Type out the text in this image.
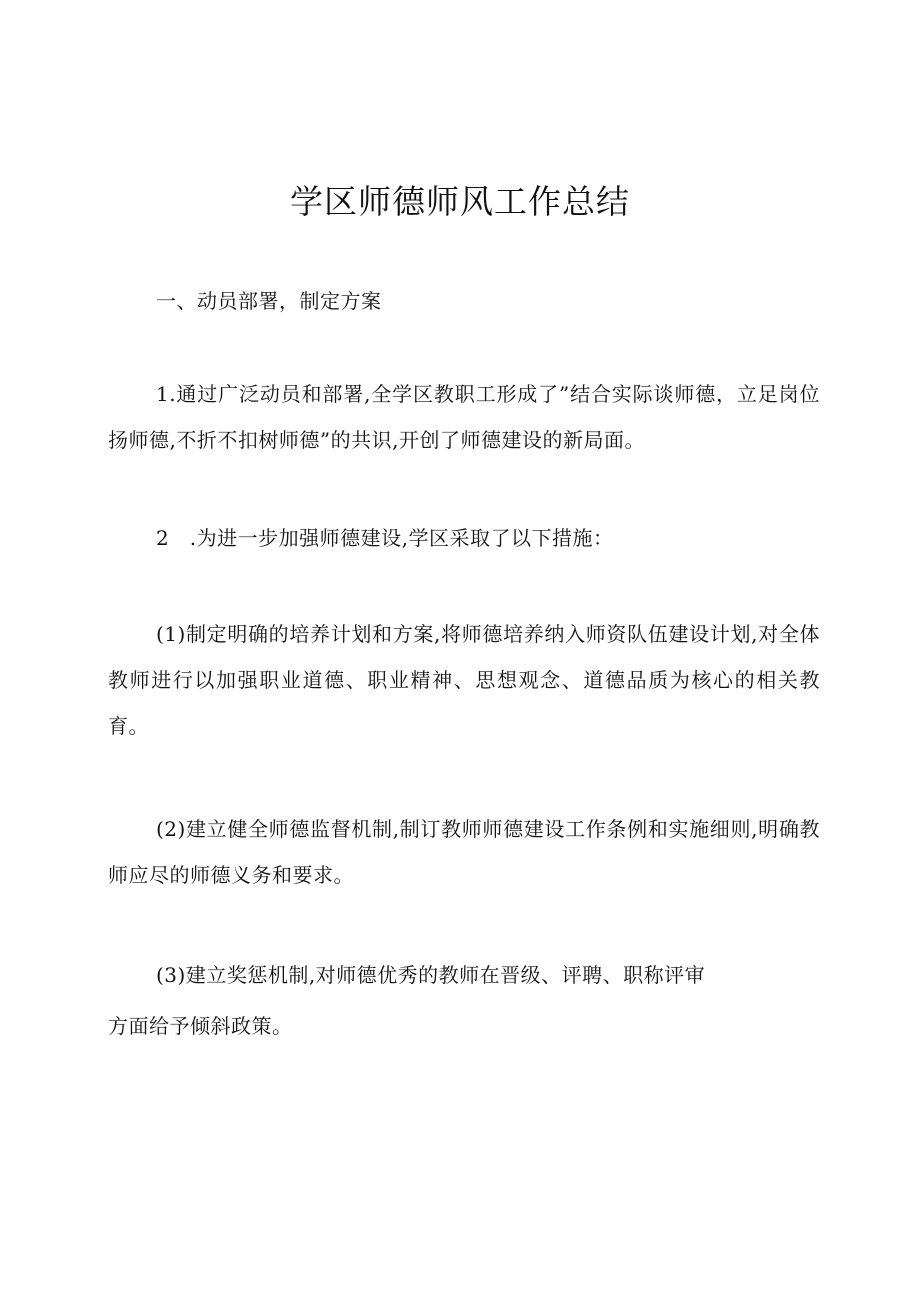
学区师德师风工作总结
一、动员部署，制定方案
1.通过广泛动员和部署,全学区教职工形成了”结合实际谈师德，立足岗位扬师德,不折不扣树师德”的共识,开创了师德建设的新局面。
2　.为进一步加强师德建设,学区采取了以下措施：
(1)制定明确的培养计划和方案,将师德培养纳入师资队伍建设计划,对全体教师进行以加强职业道德、职业精神、思想观念、道德品质为核心的相关教育。
(2)建立健全师德监督机制,制订教师师德建设工作条例和实施细则,明确教师应尽的师德义务和要求。
(3)建立奖惩机制,对师德优秀的教师在晋级、评聘、职称评审
方面给予倾斜政策。
